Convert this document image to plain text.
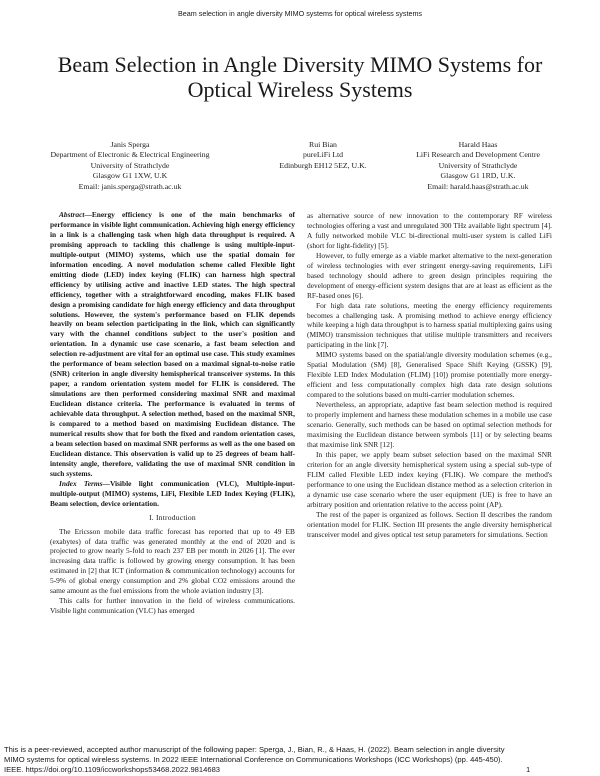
Beam selection in angle diversity MIMO systems for optical wireless systems
Beam Selection in Angle Diversity MIMO Systems for Optical Wireless Systems
Janis Sperga
Department of Electronic & Electrical Engineering
University of Strathclyde
Glasgow G1 1XW, U.K
Email: janis.sperga@strath.ac.uk
Rui Bian
pureLiFi Ltd
Edinburgh EH12 5EZ, U.K.
Harald Haas
LiFi Research and Development Centre
University of Strathclyde
Glasgow G1 1RD, U.K.
Email: harald.haas@strath.ac.uk

Abstract—Energy efficiency is one of the main benchmarks of performance in visible light communication. Achieving high energy efficiency in a link is a challenging task when high data throughput is required. A promising approach to tackling this challenge is using multiple-input-multiple-output (MIMO) systems, which use the spatial domain for information encoding. A novel modulation scheme called Flexible light emitting diode (LED) index keying (FLIK) can harness high spectral efficiency by utilising active and inactive LED states. The high spectral efficiency, together with a straightforward encoding, makes FLIK based design a promising candidate for high energy efficiency and data throughput solutions. However, the system's performance based on FLIK depends heavily on beam selection participating in the link, which can significantly vary with the channel conditions subject to the user's position and orientation. In a dynamic use case scenario, a fast beam selection and selection re-adjustment are vital for an optimal use case. This study examines the performance of beam selection based on a maximal signal-to-noise ratio (SNR) criterion in angle diversity hemispherical transceiver systems. In this paper, a random orientation system model for FLIK is considered. The simulations are then performed considering maximal SNR and maximal Euclidean distance criteria. The performance is evaluated in terms of achievable data throughput. A selection method, based on the maximal SNR, is compared to a method based on maximising Euclidean distance. The numerical results show that for both the fixed and random orientation cases, a beam selection based on maximal SNR performs as well as the one based on Euclidean distance. This observation is valid up to 25 degrees of beam half-intensity angle, therefore, validating the use of maximal SNR condition in such systems.

Index Terms—Visible light communication (VLC), Multiple-input-multiple-output (MIMO) systems, LiFi, Flexible LED Index Keying (FLIK), Beam selection, device orientation.

I. Introduction

The Ericsson mobile data traffic forecast has reported that up to 49 EB (exabytes) of data traffic was generated monthly at the end of 2020 and is projected to grow nearly 5-fold to reach 237 EB per month in 2026 [1]. The ever increasing data traffic is followed by growing energy consumption. It has been estimated in [2] that ICT (information & communication technology) accounts for 5-9% of global energy consumption and 2% global CO2 emissions around the same amount as the fuel emissions from the whole aviation industry [3].

This calls for further innovation in the field of wireless communications. Visible light communication (VLC) has emerged

as alternative source of new innovation to the contemporary RF wireless technologies offering a vast and unregulated 300 THz available light spectrum [4]. A fully networked mobile VLC bi-directional multi-user system is called LiFi (short for light-fidelity) [5].

However, to fully emerge as a viable market alternative to the next-generation of wireless technologies with ever stringent energy-saving requirements, LiFi based technology should adhere to green design principles requiring the development of energy-efficient system designs that are at least as efficient as the RF-based ones [6].

For high data rate solutions, meeting the energy efficiency requirements becomes a challenging task. A promising method to achieve energy efficiency while keeping a high data throughput is to harness spatial multiplexing gains using (MIMO) transmission techniques that utilise multiple transmitters and receivers participating in the link [7].

MIMO systems based on the spatial/angle diversity modulation schemes (e.g., Spatial Modulation (SM) [8], Generalised Space Shift Keying (GSSK) [9], Flexible LED Index Modulation (FLIM) [10]) promise potentially more energy-efficient and less computationally complex high data rate design solutions compared to the solutions based on multi-carrier modulation schemes.

Nevertheless, an appropriate, adaptive fast beam selection method is required to properly implement and harness these modulation schemes in a mobile use case scenario. Generally, such methods can be based on optimal selection methods for maximising the Euclidean distance between symbols [11] or by selecting beams that maximise link SNR [12].

In this paper, we apply beam subset selection based on the maximal SNR criterion for an angle diversity hemispherical system using a special sub-type of FLIM called Flexible LED index keying (FLIK). We compare the method's performance to one using the Euclidean distance method as a selection criterion in a dynamic use case scenario where the user equipment (UE) is free to have an arbitrary position and orientation relative to the access point (AP).

The rest of the paper is organized as follows. Section II describes the random orientation model for FLIK. Section III presents the angle diversity hemispherical transceiver model and gives optical test setup parameters for simulations. Section

This is a peer-reviewed, accepted author manuscript of the following paper: Sperga, J., Bian, R., & Haas, H. (2022). Beam selection in angle diversity MIMO systems for optical wireless systems. In 2022 IEEE International Conference on Communications Workshops (ICC Workshops) (pp. 445-450). IEEE. https://doi.org/10.1109/iccworkshops53468.2022.9814683	1
